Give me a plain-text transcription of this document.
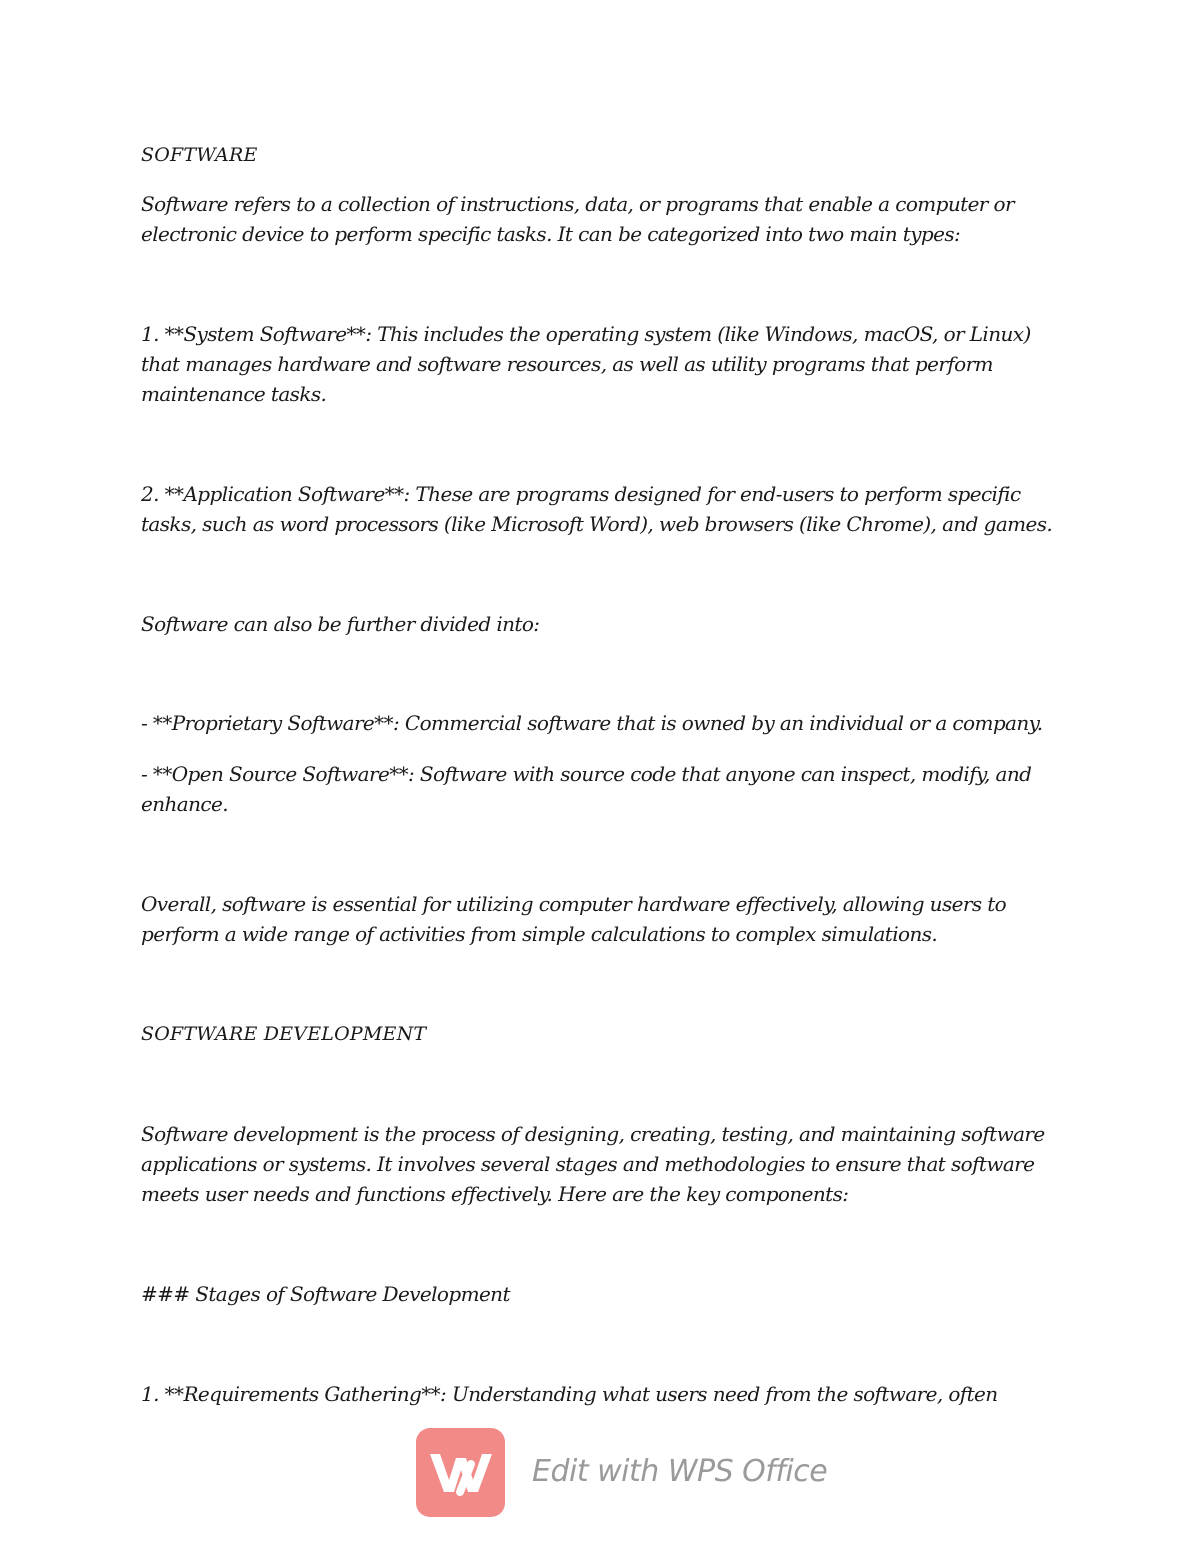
SOFTWARE
Software refers to a collection of instructions, data, or programs that enable a computer or
electronic device to perform specific tasks. It can be categorized into two main types:
1. **System Software**: This includes the operating system (like Windows, macOS, or Linux)
that manages hardware and software resources, as well as utility programs that perform
maintenance tasks.
2. **Application Software**: These are programs designed for end-users to perform specific
tasks, such as word processors (like Microsoft Word), web browsers (like Chrome), and games.
Software can also be further divided into:
- **Proprietary Software**: Commercial software that is owned by an individual or a company.
- **Open Source Software**: Software with source code that anyone can inspect, modify, and
enhance.
Overall, software is essential for utilizing computer hardware effectively, allowing users to
perform a wide range of activities from simple calculations to complex simulations.
SOFTWARE DEVELOPMENT
Software development is the process of designing, creating, testing, and maintaining software
applications or systems. It involves several stages and methodologies to ensure that software
meets user needs and functions effectively. Here are the key components:
### Stages of Software Development
1. **Requirements Gathering**: Understanding what users need from the software, often
Edit with WPS Office
